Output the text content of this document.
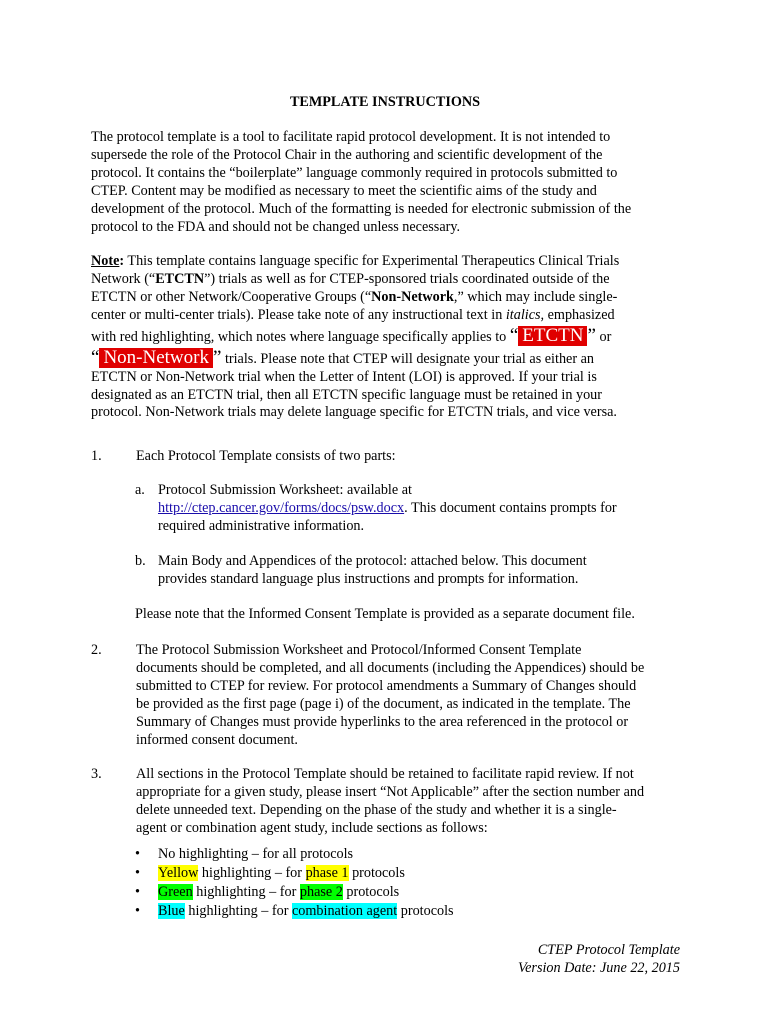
TEMPLATE INSTRUCTIONS
The protocol template is a tool to facilitate rapid protocol development. It is not intended to
supersede the role of the Protocol Chair in the authoring and scientific development of the
protocol. It contains the “boilerplate” language commonly required in protocols submitted to
CTEP. Content may be modified as necessary to meet the scientific aims of the study and
development of the protocol. Much of the formatting is needed for electronic submission of the
protocol to the FDA and should not be changed unless necessary.
Note: This template contains language specific for Experimental Therapeutics Clinical Trials
Network (“ETCTN”) trials as well as for CTEP-sponsored trials coordinated outside of the
ETCTN or other Network/Cooperative Groups (“Non-Network,” which may include single-
center or multi-center trials). Please take note of any instructional text in italics, emphasized
with red highlighting, which notes where language specifically applies to “ ETCTN ” or
“ Non-Network ” trials. Please note that CTEP will designate your trial as either an
ETCTN or Non-Network trial when the Letter of Intent (LOI) is approved. If your trial is
designated as an ETCTN trial, then all ETCTN specific language must be retained in your
protocol. Non-Network trials may delete language specific for ETCTN trials, and vice versa.
1. Each Protocol Template consists of two parts:
a. Protocol Submission Worksheet: available at
http://ctep.cancer.gov/forms/docs/psw.docx. This document contains prompts for
required administrative information.
b. Main Body and Appendices of the protocol: attached below. This document
provides standard language plus instructions and prompts for information.
Please note that the Informed Consent Template is provided as a separate document file.
2. The Protocol Submission Worksheet and Protocol/Informed Consent Template
documents should be completed, and all documents (including the Appendices) should be
submitted to CTEP for review. For protocol amendments a Summary of Changes should
be provided as the first page (page i) of the document, as indicated in the template. The
Summary of Changes must provide hyperlinks to the area referenced in the protocol or
informed consent document.
3. All sections in the Protocol Template should be retained to facilitate rapid review. If not
appropriate for a given study, please insert “Not Applicable” after the section number and
delete unneeded text. Depending on the phase of the study and whether it is a single-
agent or combination agent study, include sections as follows:
• No highlighting – for all protocols
• Yellow highlighting – for phase 1 protocols
• Green highlighting – for phase 2 protocols
• Blue highlighting – for combination agent protocols
CTEP Protocol Template
Version Date: June 22, 2015
